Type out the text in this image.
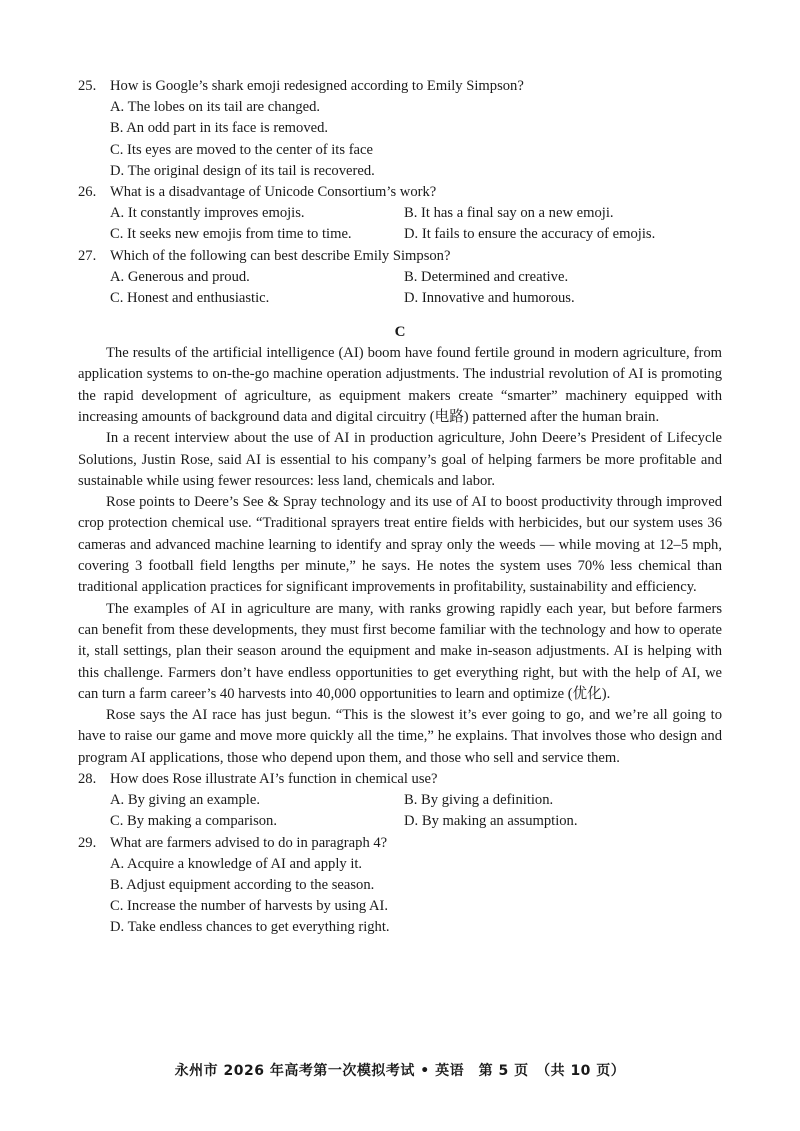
25. How is Google’s shark emoji redesigned according to Emily Simpson?
A. The lobes on its tail are changed.
B. An odd part in its face is removed.
C. Its eyes are moved to the center of its face
D. The original design of its tail is recovered.
26. What is a disadvantage of Unicode Consortium’s work?
A. It constantly improves emojis.	B. It has a final say on a new emoji.
C. It seeks new emojis from time to time.	D. It fails to ensure the accuracy of emojis.
27. Which of the following can best describe Emily Simpson?
A. Generous and proud.	B. Determined and creative.
C. Honest and enthusiastic.	D. Innovative and humorous.
C

The results of the artificial intelligence (AI) boom have found fertile ground in modern agriculture, from application systems to on-the-go machine operation adjustments. The industrial revolution of AI is promoting the rapid development of agriculture, as equipment makers create “smarter” machinery equipped with increasing amounts of background data and digital circuitry (电路) patterned after the human brain.

In a recent interview about the use of AI in production agriculture, John Deere’s President of Lifecycle Solutions, Justin Rose, said AI is essential to his company’s goal of helping farmers be more profitable and sustainable while using fewer resources: less land, chemicals and labor.

Rose points to Deere’s See & Spray technology and its use of AI to boost productivity through improved crop protection chemical use. “Traditional sprayers treat entire fields with herbicides, but our system uses 36 cameras and advanced machine learning to identify and spray only the weeds — while moving at 12–5 mph, covering 3 football field lengths per minute,” he says. He notes the system uses 70% less chemical than traditional application practices for significant improvements in profitability, sustainability and efficiency.

The examples of AI in agriculture are many, with ranks growing rapidly each year, but before farmers can benefit from these developments, they must first become familiar with the technology and how to operate it, stall settings, plan their season around the equipment and make in-season adjustments. AI is helping with this challenge. Farmers don’t have endless opportunities to get everything right, but with the help of AI, we can turn a farm career’s 40 harvests into 40,000 opportunities to learn and optimize (优化).

Rose says the AI race has just begun. “This is the slowest it’s ever going to go, and we’re all going to have to raise our game and move more quickly all the time,” he explains. That involves those who design and program AI applications, those who depend upon them, and those who sell and service them.

28. How does Rose illustrate AI’s function in chemical use?
A. By giving an example.	B. By giving a definition.
C. By making a comparison.	D. By making an assumption.
29. What are farmers advised to do in paragraph 4?
A. Acquire a knowledge of AI and apply it.
B. Adjust equipment according to the season.
C. Increase the number of harvests by using AI.
D. Take endless chances to get everything right.
永州市 2026 年高考第一次模拟考试 • 英语　第 5 页　（共 10 页）
